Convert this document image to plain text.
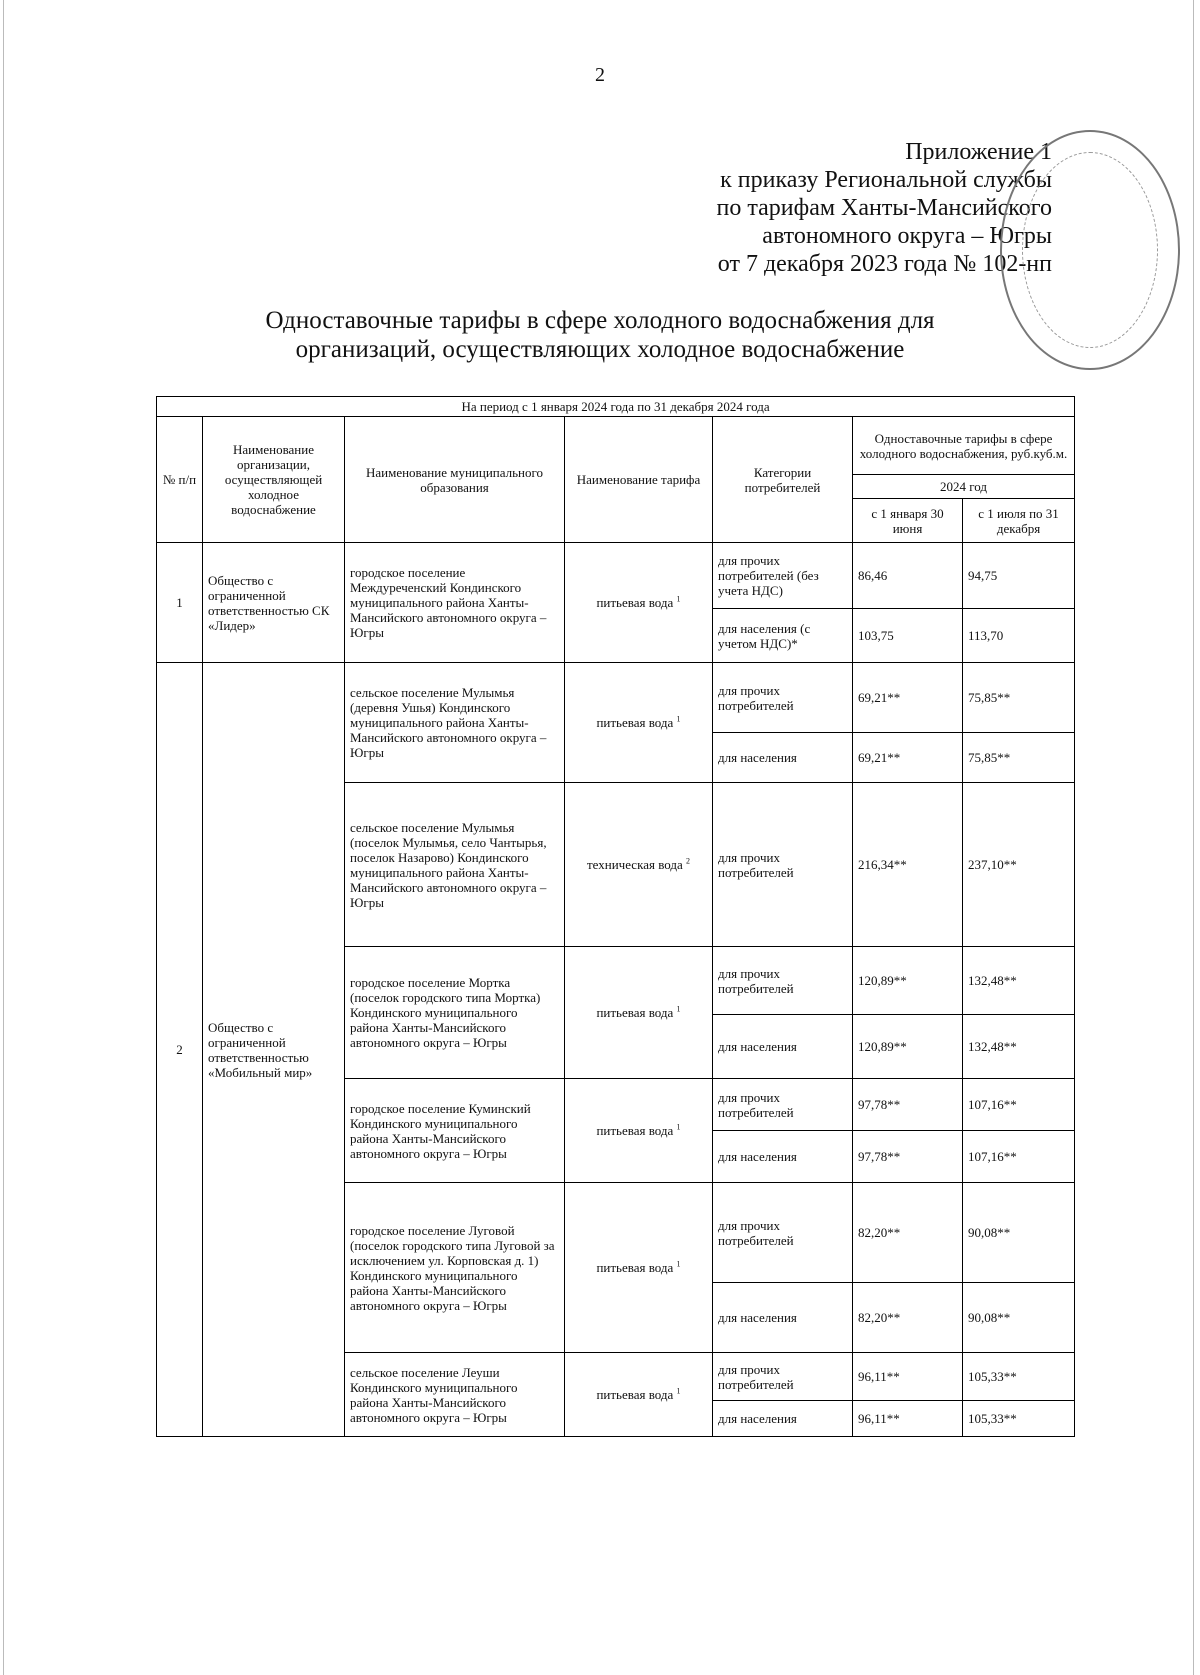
2
Приложение 1
к приказу Региональной службы
по тарифам Ханты-Мансийского
автономного округа – Югры
от 7 декабря 2023 года № 102-нп
Одноставочные тарифы в сфере холодного водоснабжения для
организаций, осуществляющих холодное водоснабжение
На период с 1 января 2024 года по 31 декабря 2024 года						
№ п/п	Наименование организации, осуществляющей холодное водоснабжение	Наименование муниципального образования	Наименование тарифа	Категории потребителей	Одноставочные тарифы в сфере холодного водоснабжения, руб.куб.м.	
					2024 год	
					с 1 января 30 июня	с 1 июля по 31 декабря
1	Общество с ограниченной ответственностью СК «Лидер»	городское поселение Междуреченский Кондинского муниципального района Ханты-Мансийского автономного округа – Югры	питьевая вода $^1$	для прочих потребителей (без учета НДС)	86,46	94,75
				для населения (с учетом НДС)*	103,75	113,70
2	Общество с ограниченной ответственностью «Мобильный мир»	сельское поселение Мулымья (деревня Ушья) Кондинского муниципального района Ханты-Мансийского автономного округа – Югры	питьевая вода $^1$	для прочих потребителей	69,21**	75,85**
				для населения	69,21**	75,85**
		сельское поселение Мулымья (поселок Мулымья, село Чантырья, поселок Назарово) Кондинского муниципального района Ханты-Мансийского автономного округа – Югры	техническая вода $^2$	для прочих потребителей	216,34**	237,10**
		городское поселение Мортка (поселок городского типа Мортка) Кондинского муниципального района Ханты-Мансийского автономного округа – Югры	питьевая вода $^1$	для прочих потребителей	120,89**	132,48**
				для населения	120,89**	132,48**
		городское поселение Куминский Кондинского муниципального района Ханты-Мансийского автономного округа – Югры	питьевая вода $^1$	для прочих потребителей	97,78**	107,16**
				для населения	97,78**	107,16**
		городское поселение Луговой (поселок городского типа Луговой за исключением ул. Корповская д. 1) Кондинского муниципального района Ханты-Мансийского автономного округа – Югры	питьевая вода $^1$	для прочих потребителей	82,20**	90,08**
				для населения	82,20**	90,08**
		сельское поселение Леуши Кондинского муниципального района Ханты-Мансийского автономного округа – Югры	питьевая вода $^1$	для прочих потребителей	96,11**	105,33**
				для населения	96,11**	105,33**
